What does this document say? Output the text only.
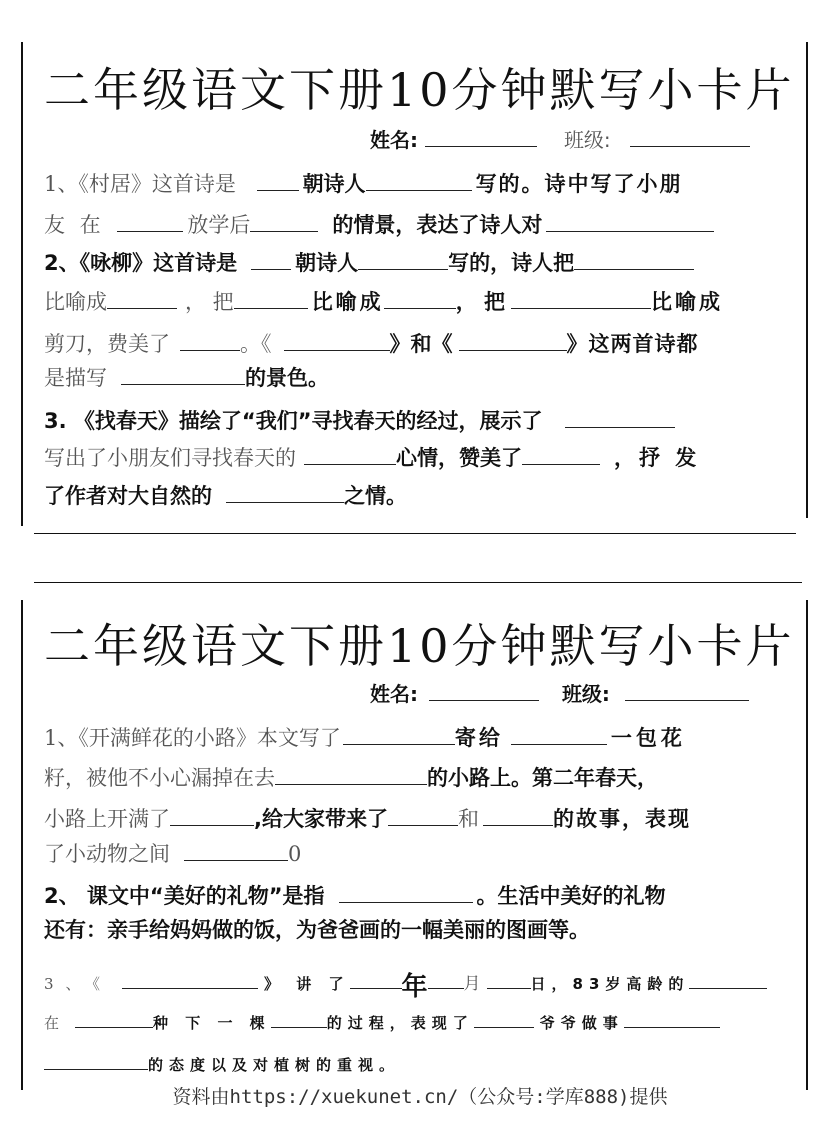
二年级语文下册10分钟默写小卡片
姓名:	班级:
1、《村居》这首诗是	朝诗人	写的。诗中写了小朋
友 在	放学后	的情景，表达了诗人对
2、《咏柳》这首诗是	朝诗人	写的，诗人把
比喻成	， 把	比喻成	， 把	比喻成
剪刀，费美了	。《	》和《	》这两首诗都
是描写	的景色。
3. 《找春天》描绘了“我们”寻找春天的经过，展示了
写出了小朋友们寻找春天的	心情，赞美了	，抒 发
了作者对大自然的	之情。
二年级语文下册10分钟默写小卡片
姓名:	班级:
1、《开满鲜花的小路》本文写了	寄给	一包花
籽，被他不小心漏掉在去	的小路上。第二年春天，
小路上开满了	,给大家带来了	和	的故事，表现
了小动物之间	0
2、 课文中“美好的礼物”是指	。生活中美好的礼物
还有：亲手给妈妈做的饭，为爸爸画的一幅美丽的图画等。
3、《	》 讲 了 年 月	日，83岁高龄的
在	种 下 一 棵	的过程，表现了	爷爷做事
的态度以及对植树的重视。
资料由https://xuekunet.cn/（公众号:学库888)提供
